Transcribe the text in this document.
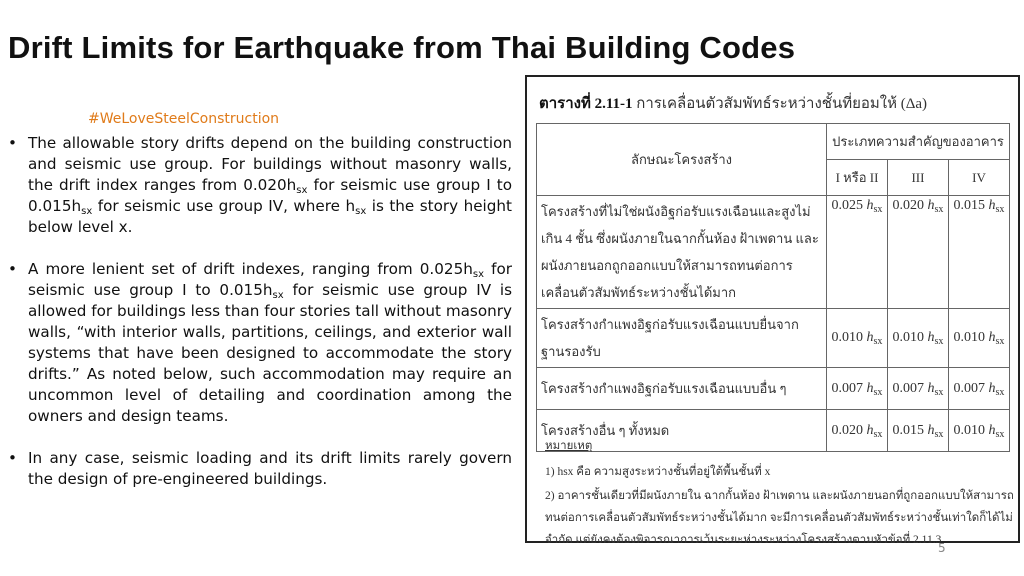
Drift Limits for Earthquake from Thai Building Codes
#WeLoveSteelConstruction
• The allowable story drifts depend on the building construction and seismic use group. For buildings without masonry walls, the drift index ranges from $0.020h_{sx}$ for seismic use group I to $0.015h_{sx}$ for seismic use group IV, where $h_{sx}$ is the story height below level x.
• A more lenient set of drift indexes, ranging from $0.025h_{sx}$ for seismic use group I to $0.015h_{sx}$ for seismic use group IV is allowed for buildings less than four stories tall without masonry walls, “with interior walls, partitions, ceilings, and exterior wall systems that have been designed to accommodate the story drifts.” As noted below, such accommodation may require an uncommon level of detailing and coordination among the owners and design teams.
• In any case, seismic loading and its drift limits rarely govern the design of pre-engineered buildings.
ตารางที่ 2.11-1 การเคลื่อนตัวสัมพัทธ์ระหว่างชั้นที่ยอมให้ (Δa)
ลักษณะโครงสร้าง	ประเภทความสำคัญของอาคาร		
	I หรือ II	III	IV
โครงสร้างที่ไม่ใช่ผนังอิฐก่อรับแรงเฉือนและสูงไม่เกิน 4 ชั้น ซึ่งผนังภายในฉากกั้นห้อง ฝ้าเพดาน และผนังภายนอกถูกออกแบบให้สามารถทนต่อการเคลื่อนตัวสัมพัทธ์ระหว่างชั้นได้มาก	0.025 $h_{sx}$	0.020 $h_{sx}$	0.015 $h_{sx}$
โครงสร้างกำแพงอิฐก่อรับแรงเฉือนแบบยื่นจากฐานรองรับ	0.010 $h_{sx}$	0.010 $h_{sx}$	0.010 $h_{sx}$
โครงสร้างกำแพงอิฐก่อรับแรงเฉือนแบบอื่น ๆ	0.007 $h_{sx}$	0.007 $h_{sx}$	0.007 $h_{sx}$
โครงสร้างอื่น ๆ ทั้งหมด	0.020 $h_{sx}$	0.015 $h_{sx}$	0.010 $h_{sx}$
หมายเหตุ
1) hsx คือ ความสูงระหว่างชั้นที่อยู่ใต้พื้นชั้นที่ x
2) อาคารชั้นเดียวที่มีผนังภายใน ฉากกั้นห้อง ฝ้าเพดาน และผนังภายนอกที่ถูกออกแบบให้สามารถทนต่อการเคลื่อนตัวสัมพัทธ์ระหว่างชั้นได้มาก จะมีการเคลื่อนตัวสัมพัทธ์ระหว่างชั้นเท่าใดก็ได้ไม่จำกัด แต่ยังคงต้องพิจารณาการเว้นระยะห่างระหว่างโครงสร้างตามหัวข้อที่ 2.11.3
5
